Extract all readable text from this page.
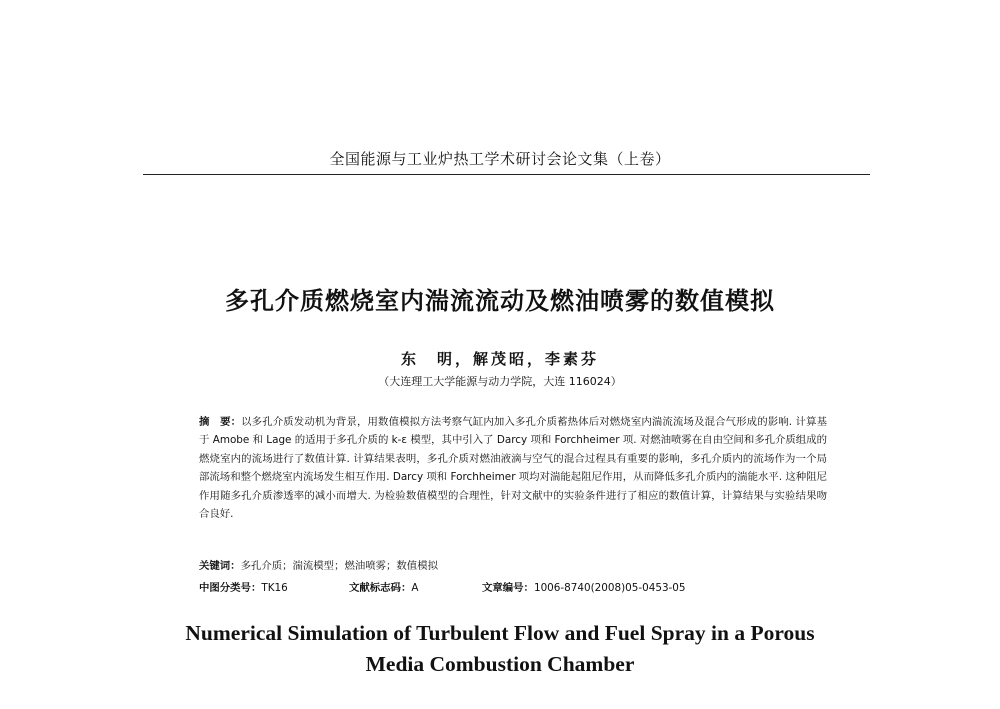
全国能源与工业炉热工学术研讨会论文集（上卷）
多孔介质燃烧室内湍流流动及燃油喷雾的数值模拟
东　明，解茂昭，李素芬
（大连理工大学能源与动力学院，大连 116024）
摘　要：以多孔介质发动机为背景，用数值模拟方法考察气缸内加入多孔介质蓄热体后对燃烧室内湍流流场及混合气形成的影响. 计算基于 Amobe 和 Lage 的适用于多孔介质的 k-ε 模型，其中引入了 Darcy 项和 Forchheimer 项. 对燃油喷雾在自由空间和多孔介质组成的燃烧室内的流场进行了数值计算. 计算结果表明，多孔介质对燃油液滴与空气的混合过程具有重要的影响，多孔介质内的流场作为一个局部流场和整个燃烧室内流场发生相互作用. Darcy 项和 Forchheimer 项均对湍能起阻尼作用，从而降低多孔介质内的湍能水平. 这种阻尼作用随多孔介质渗透率的减小而增大. 为检验数值模型的合理性，针对文献中的实验条件进行了相应的数值计算，计算结果与实验结果吻合良好.
关键词：多孔介质；湍流模型；燃油喷雾；数值模拟
中图分类号：TK16	文献标志码：A	文章编号：1006-8740(2008)05-0453-05
Numerical Simulation of Turbulent Flow and Fuel Spray in a Porous
Media Combustion Chamber
